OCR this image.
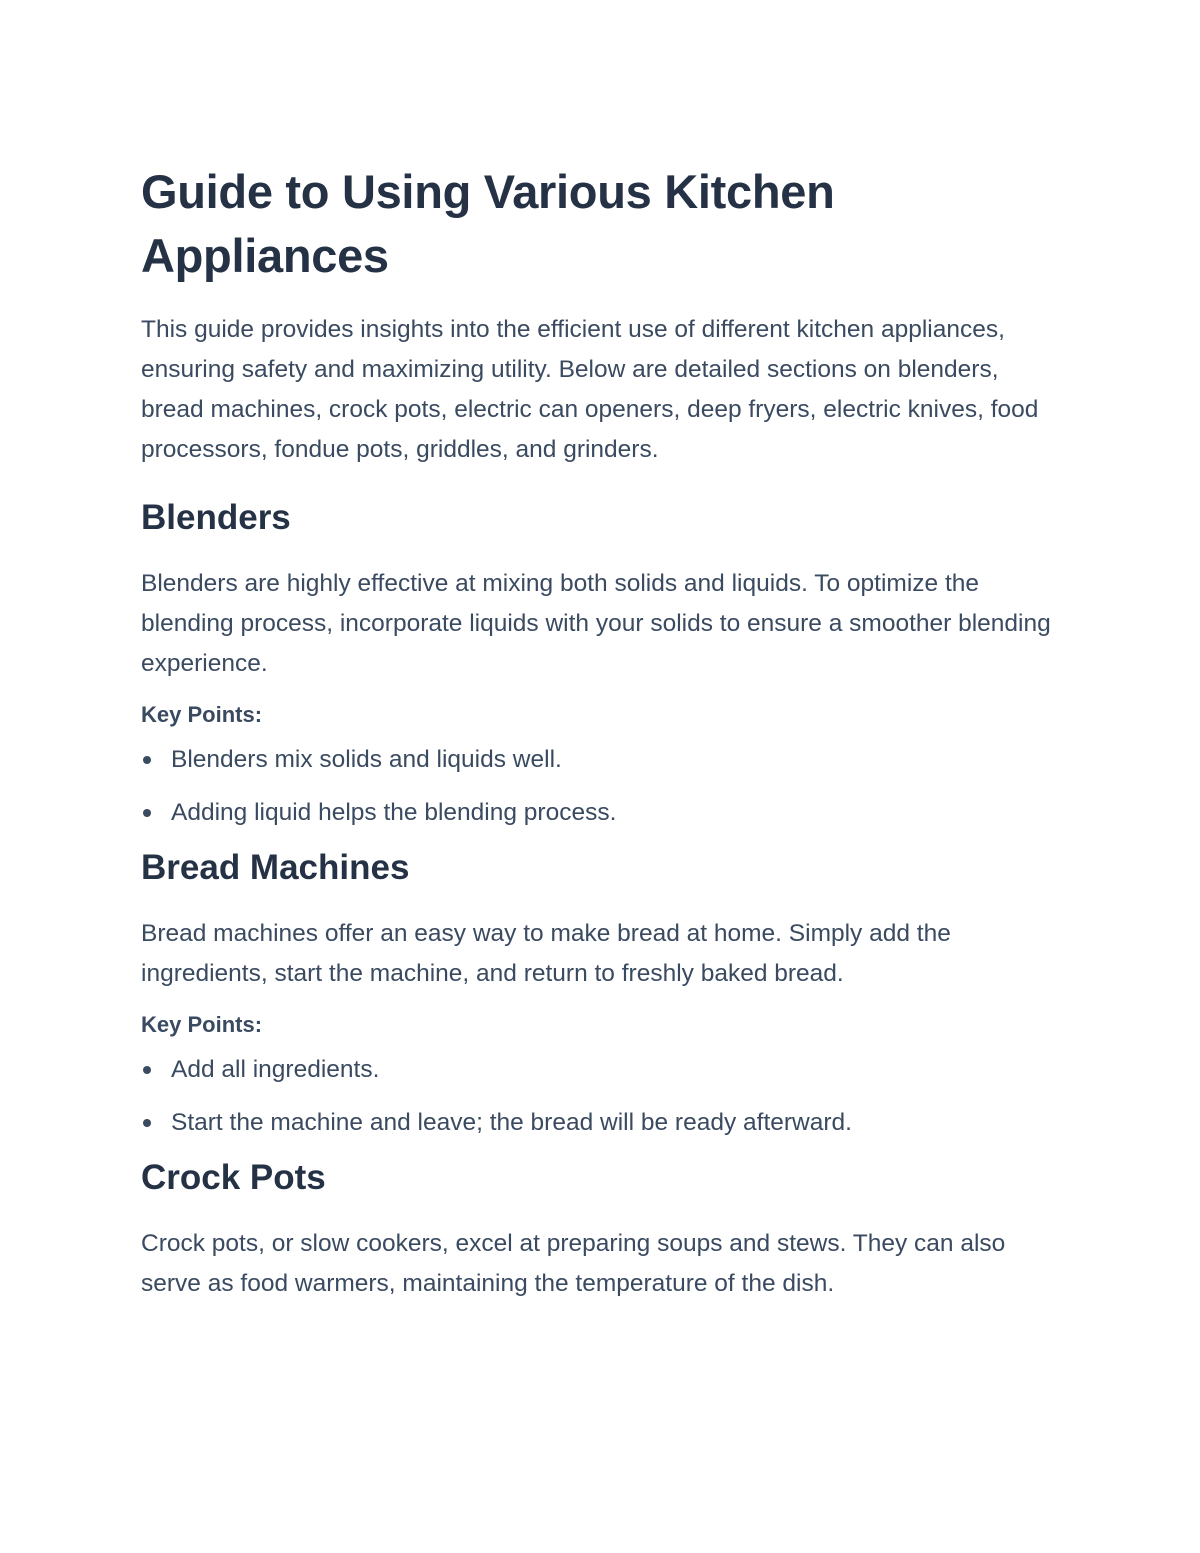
Guide to Using Various Kitchen Appliances

This guide provides insights into the efficient use of different kitchen appliances, ensuring safety and maximizing utility. Below are detailed sections on blenders, bread machines, crock pots, electric can openers, deep fryers, electric knives, food processors, fondue pots, griddles, and grinders.

Blenders

Blenders are highly effective at mixing both solids and liquids. To optimize the blending process, incorporate liquids with your solids to ensure a smoother blending experience.

Key Points:

Blenders mix solids and liquids well.
Adding liquid helps the blending process.
Bread Machines

Bread machines offer an easy way to make bread at home. Simply add the ingredients, start the machine, and return to freshly baked bread.

Key Points:

Add all ingredients.
Start the machine and leave; the bread will be ready afterward.
Crock Pots

Crock pots, or slow cookers, excel at preparing soups and stews. They can also serve as food warmers, maintaining the temperature of the dish.
